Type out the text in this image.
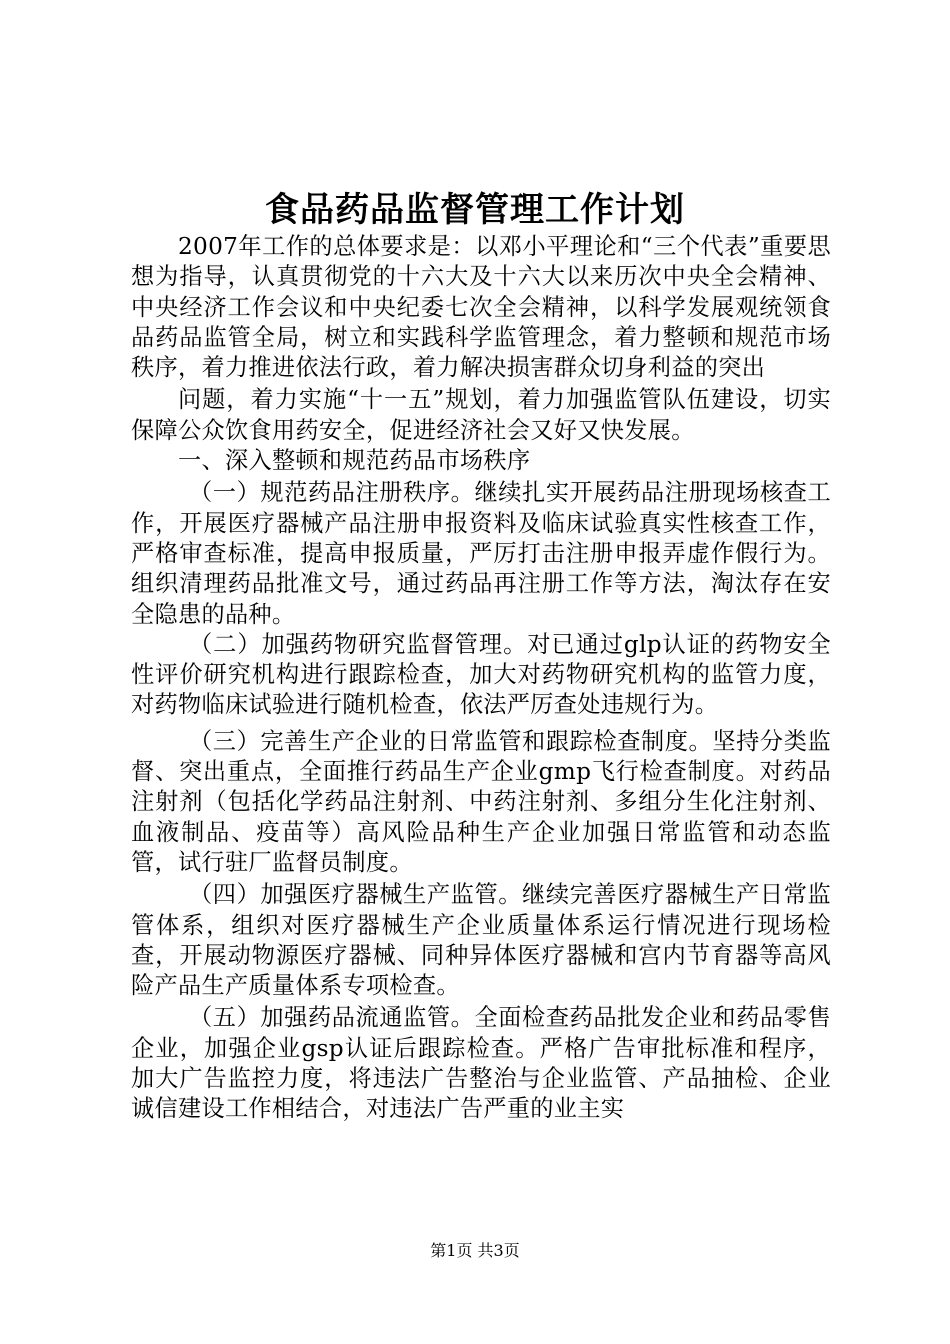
食品药品监督管理工作计划

2007年工作的总体要求是：以邓小平理论和“三个代表”重要思想为指导，认真贯彻党的十六大及十六大以来历次中央全会精神、中央经济工作会议和中央纪委七次全会精神，以科学发展观统领食品药品监管全局，树立和实践科学监管理念，着力整顿和规范市场秩序，着力推进依法行政，着力解决损害群众切身利益的突出

问题，着力实施“十一五”规划，着力加强监管队伍建设，切实保障公众饮食用药安全，促进经济社会又好又快发展。

一、深入整顿和规范药品市场秩序

（一）规范药品注册秩序。继续扎实开展药品注册现场核查工作，开展医疗器械产品注册申报资料及临床试验真实性核查工作，严格审查标准，提高申报质量，严厉打击注册申报弄虚作假行为。组织清理药品批准文号，通过药品再注册工作等方法，淘汰存在安全隐患的品种。

（二）加强药物研究监督管理。对已通过glp认证的药物安全性评价研究机构进行跟踪检查，加大对药物研究机构的监管力度，对药物临床试验进行随机检查，依法严厉查处违规行为。

（三）完善生产企业的日常监管和跟踪检查制度。坚持分类监督、突出重点，全面推行药品生产企业gmp飞行检查制度。对药品注射剂（包括化学药品注射剂、中药注射剂、多组分生化注射剂、血液制品、疫苗等）高风险品种生产企业加强日常监管和动态监管，试行驻厂监督员制度。

（四）加强医疗器械生产监管。继续完善医疗器械生产日常监管体系，组织对医疗器械生产企业质量体系运行情况进行现场检查，开展动物源医疗器械、同种异体医疗器械和宫内节育器等高风险产品生产质量体系专项检查。

（五）加强药品流通监管。全面检查药品批发企业和药品零售企业，加强企业gsp认证后跟踪检查。严格广告审批标准和程序，加大广告监控力度，将违法广告整治与企业监管、产品抽检、企业诚信建设工作相结合，对违法广告严重的业主实

第1页 共3页
